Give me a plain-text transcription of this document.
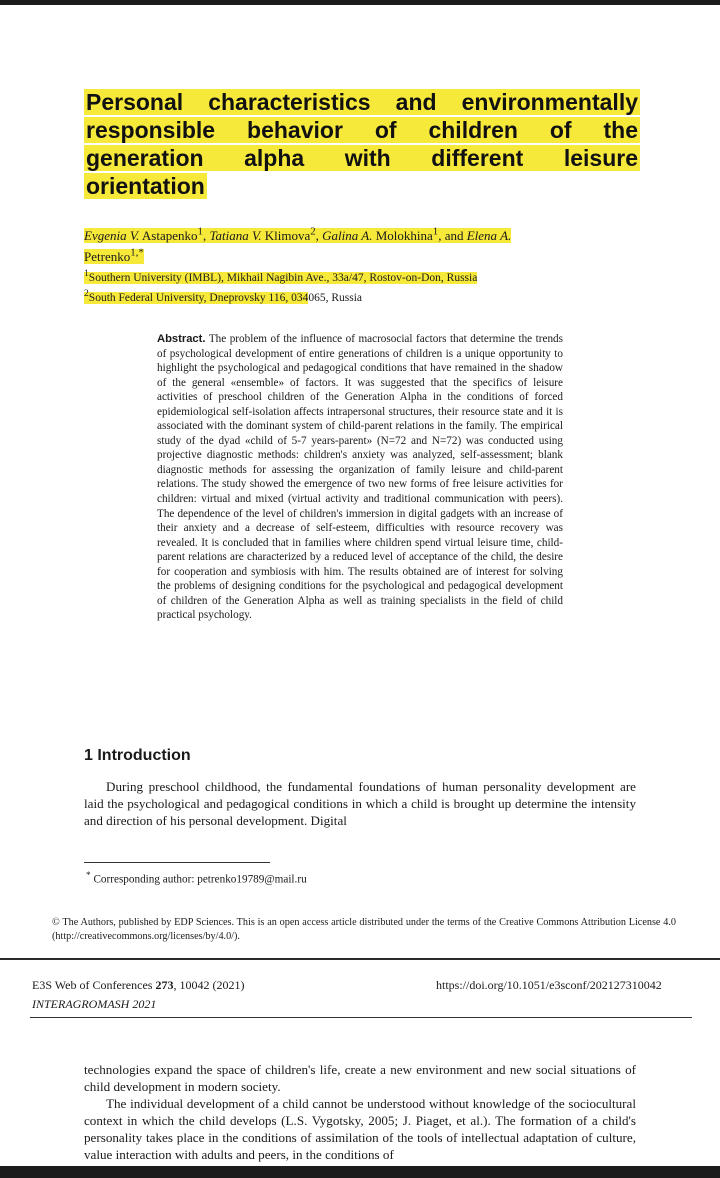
Personal characteristics and environmentally
responsible behavior of children of the
generation alpha with different leisure
orientation
Evgenia V. Astapenko$^1$, Tatiana V. Klimova$^2$, Galina A. Molokhina$^1$, and Elena A.
Petrenko$^{1,*}$
$^1$Southern University (IMBL), Mikhail Nagibin Ave., 33a/47, Rostov-on-Don, Russia
$^2$South Federal University, Dneprovsky 116, 034065, Russia
Abstract. The problem of the influence of macrosocial factors that determine the trends of psychological development of entire generations of children is a unique opportunity to highlight the psychological and pedagogical conditions that have remained in the shadow of the general «ensemble» of factors. It was suggested that the specifics of leisure activities of preschool children of the Generation Alpha in the conditions of forced epidemiological self-isolation affects intrapersonal structures, their resource state and it is associated with the dominant system of child-parent relations in the family. The empirical study of the dyad «child of 5-7 years-parent» (N=72 and N=72) was conducted using projective diagnostic methods: children's anxiety was analyzed, self-assessment; blank diagnostic methods for assessing the organization of family leisure and child-parent relations. The study showed the emergence of two new forms of free leisure activities for children: virtual and mixed (virtual activity and traditional communication with peers). The dependence of the level of children's immersion in digital gadgets with an increase of their anxiety and a decrease of self-esteem, difficulties with resource recovery was revealed. It is concluded that in families where children spend virtual leisure time, child-parent relations are characterized by a reduced level of acceptance of the child, the desire for cooperation and symbiosis with him. The results obtained are of interest for solving the problems of designing conditions for the psychological and pedagogical development of children of the Generation Alpha as well as training specialists in the field of child practical psychology.
1 Introduction
During preschool childhood, the fundamental foundations of human personality development are laid the psychological and pedagogical conditions in which a child is brought up determine the intensity and direction of his personal development. Digital
* Corresponding author: petrenko19789@mail.ru
© The Authors, published by EDP Sciences. This is an open access article distributed under the terms of the Creative Commons Attribution License 4.0 (http://creativecommons.org/licenses/by/4.0/).
E3S Web of Conferences 273, 10042 (2021)
INTERAGROMASH 2021
https://doi.org/10.1051/e3sconf/202127310042

technologies expand the space of children's life, create a new environment and new social situations of child development in modern society.

The individual development of a child cannot be understood without knowledge of the sociocultural context in which the child develops (L.S. Vygotsky, 2005; J. Piaget, et al.). The formation of a child's personality takes place in the conditions of assimilation of the tools of intellectual adaptation of culture, value interaction with adults and peers, in the conditions of
